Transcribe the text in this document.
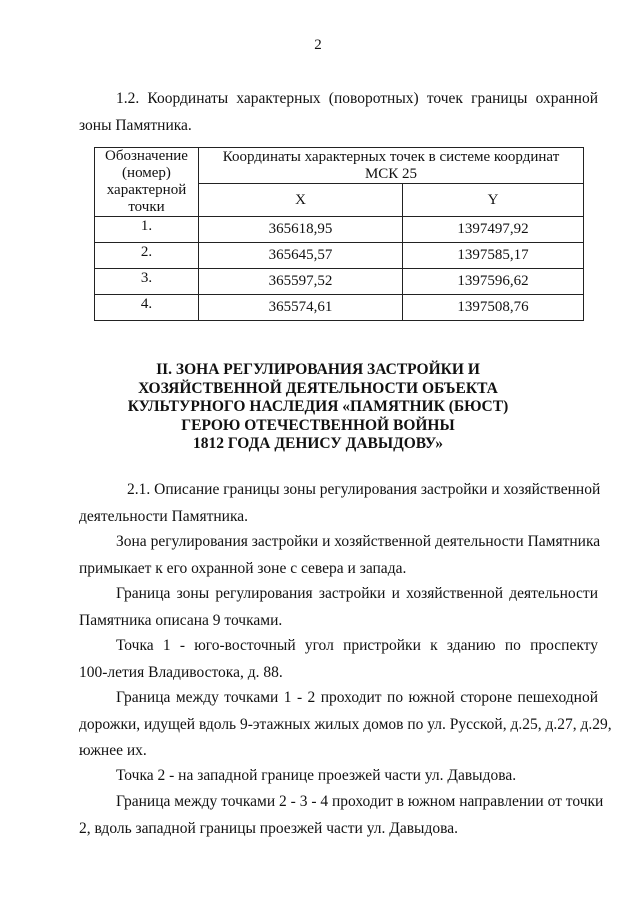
2
1.2. Координаты характерных (поворотных) точек границы охранной
зоны Памятника.
Обозначение
(номер)
характерной
точки	Координаты характерных точек в системе координат
МСК 25	
	X	Y
1.	365618,95	1397497,92
2.	365645,57	1397585,17
3.	365597,52	1397596,62
4.	365574,61	1397508,76
II. ЗОНА РЕГУЛИРОВАНИЯ ЗАСТРОЙКИ И
ХОЗЯЙСТВЕННОЙ ДЕЯТЕЛЬНОСТИ ОБЪЕКТА
КУЛЬТУРНОГО НАСЛЕДИЯ «ПАМЯТНИК (БЮСТ)
ГЕРОЮ ОТЕЧЕСТВЕННОЙ ВОЙНЫ
1812 ГОДА ДЕНИСУ ДАВЫДОВУ»
2.1. Описание границы зоны регулирования застройки и хозяйственной
деятельности Памятника.
Зона регулирования застройки и хозяйственной деятельности Памятника
примыкает к его охранной зоне с севера и запада.
Граница зоны регулирования застройки и хозяйственной деятельности
Памятника описана 9 точками.
Точка 1 - юго-восточный угол пристройки к зданию по проспекту
100-летия Владивостока, д. 88.
Граница между точками 1 - 2 проходит по южной стороне пешеходной
дорожки, идущей вдоль 9-этажных жилых домов по ул. Русской, д.25, д.27, д.29,
южнее их.
Точка 2 - на западной границе проезжей части ул. Давыдова.
Граница между точками 2 - 3 - 4 проходит в южном направлении от точки
2, вдоль западной границы проезжей части ул. Давыдова.
